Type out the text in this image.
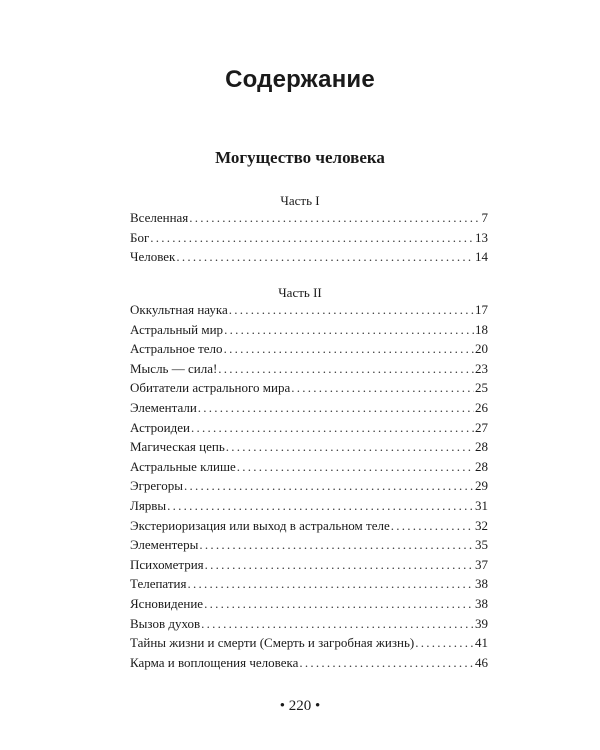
Содержание
Могущество человека
Часть I
Вселенная . . .	7
Бог . . .	13
Человек . . .	14
Часть II
Оккультная наука . . .	17
Астральный мир . . .	18
Астральное тело . . .	20
Мысль — сила! . . .	23
Обитатели астрального мира . . .	25
Элементали . . .	26
Астроидеи . . .	27
Магическая цепь . . .	28
Астральные клише . . .	28
Эгрегоры . . .	29
Лярвы . . .	31
Экстериоризация или выход в астральном теле . . .	32
Элементеры . . .	35
Психометрия . . .	37
Телепатия . . .	38
Ясновидение . . .	38
Вызов духов . . .	39
Тайны жизни и смерти (Смерть и загробная жизнь) . . .	41
Карма и воплощения человека . . .	46
• 220 •
